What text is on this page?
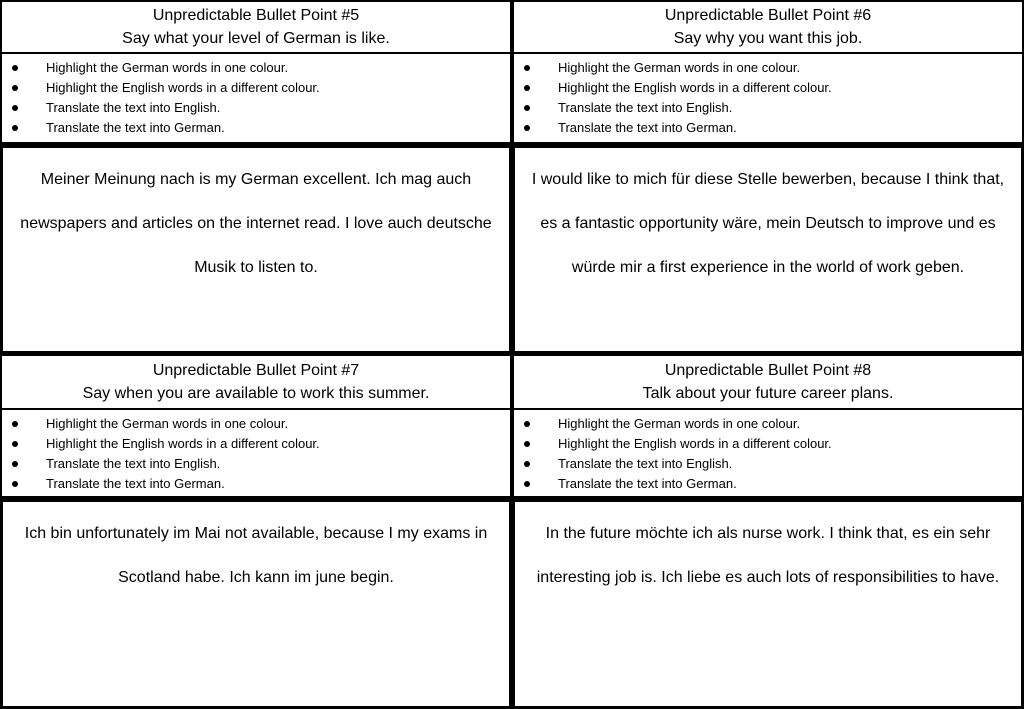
Unpredictable Bullet Point #5
Say what your level of German is like.
Highlight the German words in one colour.
Highlight the English words in a different colour.
Translate the text into English.
Translate the text into German.
Meiner Meinung nach is my German excellent. Ich mag auch newspapers and articles on the internet read. I love auch deutsche Musik to listen to.
Unpredictable Bullet Point #6
Say why you want this job.
Highlight the German words in one colour.
Highlight the English words in a different colour.
Translate the text into English.
Translate the text into German.
I would like to mich für diese Stelle bewerben, because I think that, es a fantastic opportunity wäre, mein Deutsch to improve und es würde mir a first experience in the world of work geben.
Unpredictable Bullet Point #7
Say when you are available to work this summer.
Highlight the German words in one colour.
Highlight the English words in a different colour.
Translate the text into English.
Translate the text into German.
Ich bin unfortunately im Mai not available, because I my exams in Scotland habe. Ich kann im june begin.
Unpredictable Bullet Point #8
Talk about your future career plans.
Highlight the German words in one colour.
Highlight the English words in a different colour.
Translate the text into English.
Translate the text into German.
In the future möchte ich als nurse work. I think that, es ein sehr interesting job is. Ich liebe es auch lots of responsibilities to have.
